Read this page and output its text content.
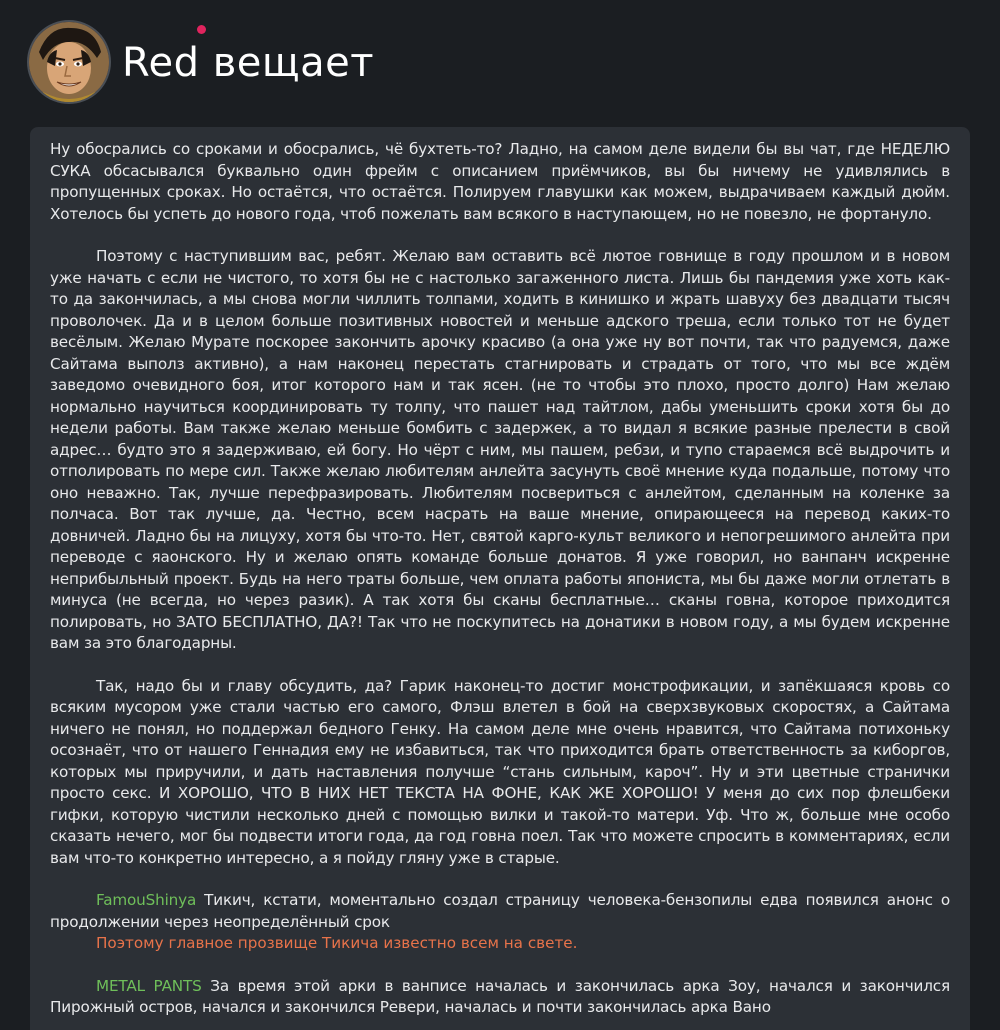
Red вещает

Ну обосрались со сроками и обосрались, чё бухтеть-то? Ладно, на самом деле видели бы вы чат, где НЕДЕЛЮ СУКА обсасывался буквально один фрейм с описанием приёмчиков, вы бы ничему не удивлялись в пропущенных сроках. Но остаётся, что остаётся. Полируем главушки как можем, выдрачиваем каждый дюйм. Хотелось бы успеть до нового года, чтоб пожелать вам всякого в наступающем, но не повезло, не фортануло.

Поэтому с наступившим вас, ребят. Желаю вам оставить всё лютое говнище в году прошлом и в новом уже начать с если не чистого, то хотя бы не с настолько загаженного листа. Лишь бы пандемия уже хоть как-то да закончилась, а мы снова могли чиллить толпами, ходить в кинишко и жрать шавуху без двадцати тысяч проволочек. Да и в целом больше позитивных новостей и меньше адского треша, если только тот не будет весёлым. Желаю Мурате поскорее закончить арочку красиво (а она уже ну вот почти, так что радуемся, даже Сайтама выполз активно), а нам наконец перестать стагнировать и страдать от того, что мы все ждём заведомо очевидного боя, итог которого нам и так ясен. (не то чтобы это плохо, просто долго) Нам желаю нормально научиться координировать ту толпу, что пашет над тайтлом, дабы уменьшить сроки хотя бы до недели работы. Вам также желаю меньше бомбить с задержек, а то видал я всякие разные прелести в свой адрес… будто это я задерживаю, ей богу. Но чёрт с ним, мы пашем, ребзи, и тупо стараемся всё выдрочить и отполировать по мере сил. Также желаю любителям анлейта засунуть своё мнение куда подальше, потому что оно неважно. Так, лучше перефразировать. Любителям посвериться с анлейтом, сделанным на коленке за полчаса. Вот так лучше, да. Честно, всем насрать на ваше мнение, опирающееся на перевод каких-то довничей. Ладно бы на лицуху, хотя бы что-то. Нет, святой карго-культ великого и непогрешимого анлейта при переводе с яаонского. Ну и желаю опять команде больше донатов. Я уже говорил, но ванпанч искренне неприбыльный проект. Будь на него траты больше, чем оплата работы японистa, мы бы даже могли отлетать в минуса (не всегда, но через разик). А так хотя бы сканы бесплатные… сканы говна, которое приходится полировать, но ЗАТО БЕСПЛАТНО, ДА?! Так что не поскупитесь на донатики в новом году, а мы будем искренне вам за это благодарны.

Так, надо бы и главу обсудить, да? Гарик наконец-то достиг монстрофикации, и запёкшаяся кровь со всяким мусором уже стали частью его самого, Флэш влетел в бой на сверхзвуковых скоростях, а Сайтама ничего не понял, но поддержал бедного Генку. На самом деле мне очень нравится, что Сайтама потихоньку осознаёт, что от нашего Геннадия ему не избавиться, так что приходится брать ответственность за киборгов, которых мы приручили, и дать наставления получше “стань сильным, кароч”. Ну и эти цветные странички просто секс. И ХОРОШО, ЧТО В НИХ НЕТ ТЕКСТА НА ФОНЕ, КАК ЖЕ ХОРОШО! У меня до сих пор флешбеки гифки, которую чистили несколько дней с помощью вилки и такой-то матери. Уф. Что ж, больше мне особо сказать нечего, мог бы подвести итоги года, да год говна поел. Так что можете спросить в комментариях, если вам что-то конкретно интересно, а я пойду гляну уже в старые.

FamouShinya Тикич, кстати, моментально создал страницу человека-бензопилы едва появился анонс о продолжении через неопределённый срок

Поэтому главное прозвище Тикича известно всем на свете.

METAL PANTS За время этой арки в ванписе началась и закончилась арка Зоу, начался и закончился Пирожный остров, начался и закончился Ревери, началась и почти закончилась арка Вано
